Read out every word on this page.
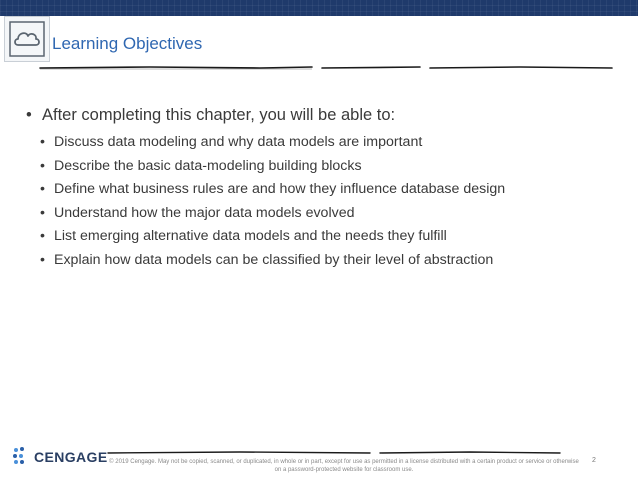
Learning Objectives
• After completing this chapter, you will be able to:
• Discuss data modeling and why data models are important
• Describe the basic data-modeling building blocks
• Define what business rules are and how they influence database design
• Understand how the major data models evolved
• List emerging alternative data models and the needs they fulfill
• Explain how data models can be classified by their level of abstraction
CENGAGE © 2019 Cengage. May not be copied, scanned, or duplicated, in whole or in part, except for use as permitted in a license distributed with a certain product or service or otherwise on a password-protected website for classroom use.
2
